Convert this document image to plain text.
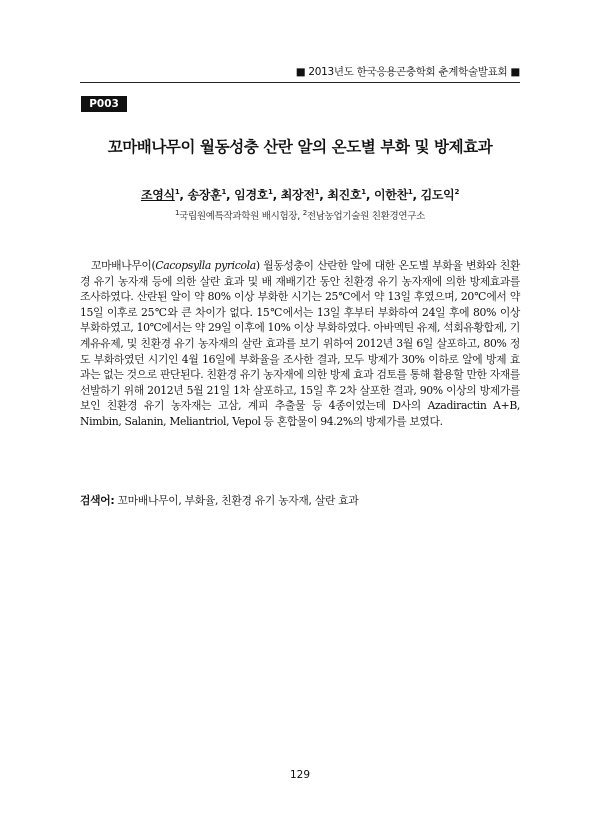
■ 2013년도 한국응용곤충학회 춘계학술발표회 ■
P003
꼬마배나무이 월동성충 산란 알의 온도별 부화 및 방제효과
조영식$^1$, 송장훈$^1$, 임경호$^1$, 최장전$^1$, 최진호$^1$, 이한찬$^1$, 김도익$^2$
$^1$국립원예특작과학원 배시험장, $^2$전남농업기술원 친환경연구소

꼬마배나무이(Cacopsylla pyricola) 월동성충이 산란한 알에 대한 온도별 부화율 변화와 친환경 유기 농자재 등에 의한 살란 효과 및 배 재배기간 동안 친환경 유기 농자재에 의한 방제효과를 조사하였다. 산란된 알이 약 80% 이상 부화한 시기는 25℃에서 약 13일 후였으며, 20℃에서 약 15일 이후로 25℃와 큰 차이가 없다. 15℃에서는 13일 후부터 부화하여 24일 후에 80% 이상 부화하였고, 10℃에서는 약 29일 이후에 10% 이상 부화하였다. 아바멕틴 유제, 석회유황합제, 기계유유제, 및 친환경 유기 농자재의 살란 효과를 보기 위하여 2012년 3월 6일 살포하고, 80% 정도 부화하였던 시기인 4월 16일에 부화율을 조사한 결과, 모두 방제가 30% 이하로 알에 방제 효과는 없는 것으로 판단된다. 친환경 유기 농자재에 의한 방제 효과 검토를 통해 활용할 만한 자재를 선발하기 위해 2012년 5월 21일 1차 살포하고, 15일 후 2차 살포한 결과, 90% 이상의 방제가를 보인 친환경 유기 농자재는 고삼, 계피 추출물 등 4종이었는데 D사의 Azadiractin A+B, Nimbin, Salanin, Meliantriol, Vepol 등 혼합물이 94.2%의 방제가를 보였다.

검색어: 꼬마배나무이, 부화율, 친환경 유기 농자재, 살란 효과
129
